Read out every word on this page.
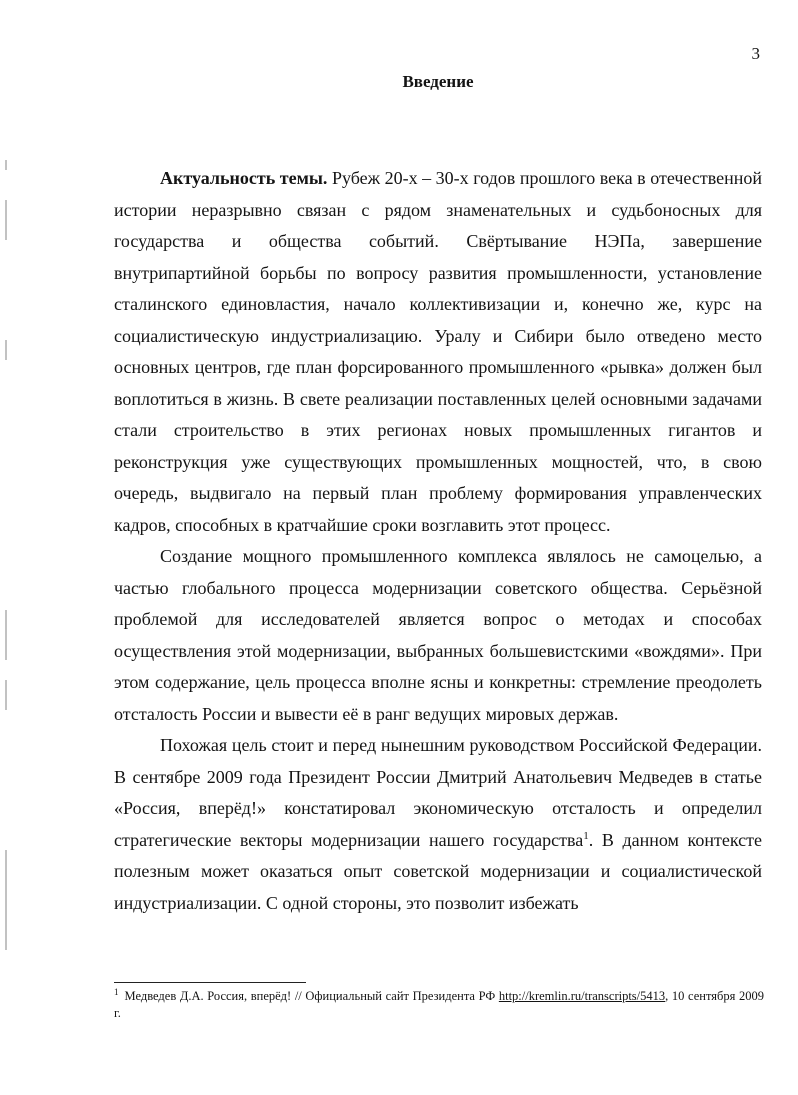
3
Введение

Актуальность темы. Рубеж 20-х – 30-х годов прошлого века в отечественной истории неразрывно связан с рядом знаменательных и судьбоносных для государства и общества событий. Свёртывание НЭПа, завершение внутрипартийной борьбы по вопросу развития промышленности, установление сталинского единовластия, начало коллективизации и, конечно же, курс на социалистическую индустриализацию. Уралу и Сибири было отведено место основных центров, где план форсированного промышленного «рывка» должен был воплотиться в жизнь. В свете реализации поставленных целей основными задачами стали строительство в этих регионах новых промышленных гигантов и реконструкция уже существующих промышленных мощностей, что, в свою очередь, выдвигало на первый план проблему формирования управленческих кадров, способных в кратчайшие сроки возглавить этот процесс.

Создание мощного промышленного комплекса являлось не самоцелью, а частью глобального процесса модернизации советского общества. Серьёзной проблемой для исследователей является вопрос о методах и способах осуществления этой модернизации, выбранных большевистскими «вождями». При этом содержание, цель процесса вполне ясны и конкретны: стремление преодолеть отсталость России и вывести её в ранг ведущих мировых держав.

Похожая цель стоит и перед нынешним руководством Российской Федерации. В сентябре 2009 года Президент России Дмитрий Анатольевич Медведев в статье «Россия, вперёд!» констатировал экономическую отсталость и определил стратегические векторы модернизации нашего государства$^1$. В данном контексте полезным может оказаться опыт советской модернизации и социалистической индустриализации. С одной стороны, это позволит избежать

$^1$ Медведев Д.А. Россия, вперёд! // Официальный сайт Президента РФ http://kremlin.ru/transcripts/5413, 10 сентября 2009 г.
